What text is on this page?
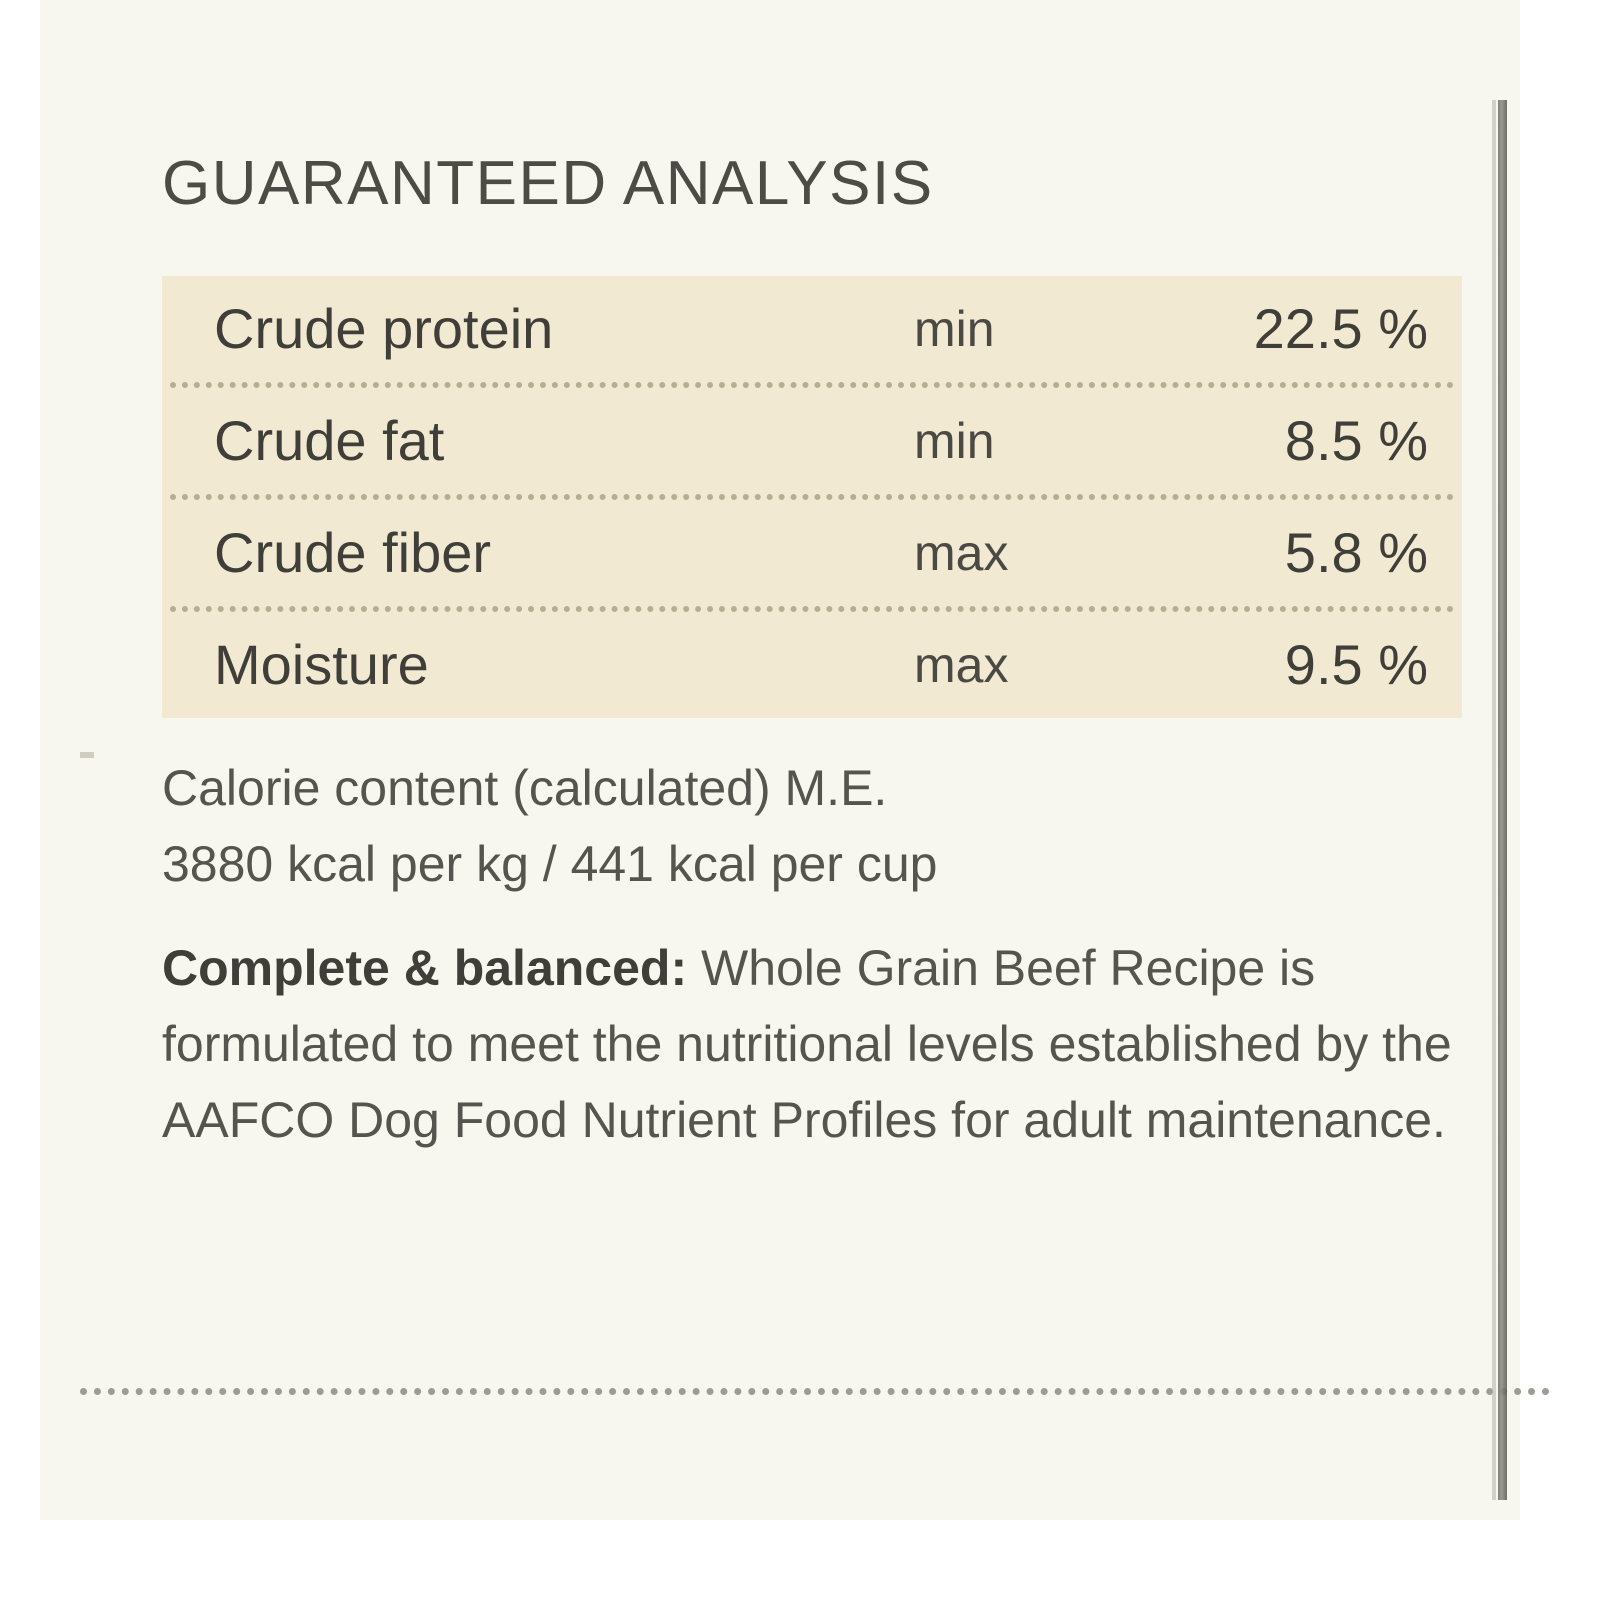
GUARANTEED ANALYSIS
Crude protein	min	22.5 %
Crude fat	min	8.5 %
Crude fiber	max	5.8 %
Moisture	max	9.5 %
Calorie content (calculated) M.E.
3880 kcal per kg / 441 kcal per cup
Complete & balanced: Whole Grain Beef Recipe is formulated to meet the nutritional levels established by the AAFCO Dog Food Nutrient Profiles for adult maintenance.
